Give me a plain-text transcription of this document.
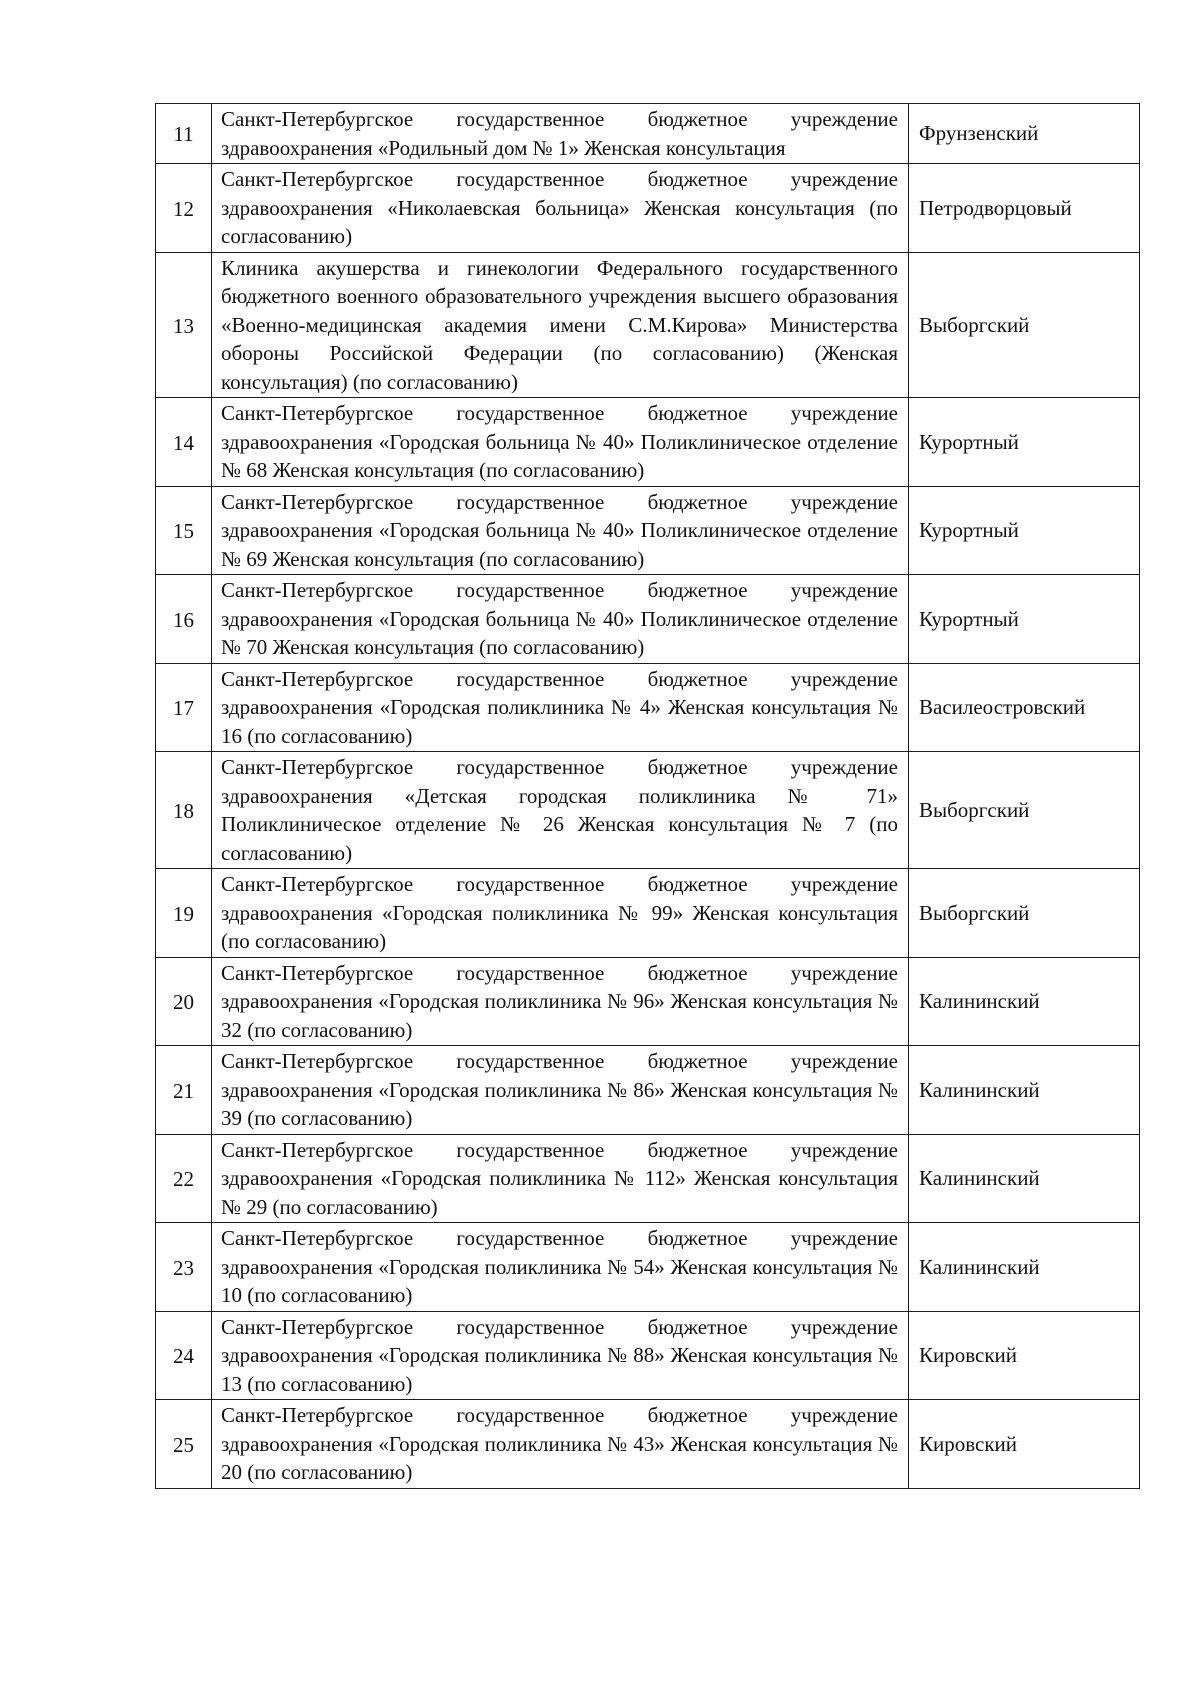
11	Санкт-Петербургское государственное бюджетное учреждение здравоохранения «Родильный дом № 1» Женская консультация	Фрунзенский
12	Санкт-Петербургское государственное бюджетное учреждение здравоохранения «Николаевская больница» Женская консультация (по согласованию)	Петродворцовый
13	Клиника акушерства и гинекологии Федерального государственного бюджетного военного образовательного учреждения высшего образования «Военно-медицинская академия имени С.М.Кирова» Министерства обороны Российской Федерации (по согласованию) (Женская консультация) (по согласованию)	Выборгский
14	Санкт-Петербургское государственное бюджетное учреждение здравоохранения «Городская больница № 40» Поликлиническое отделение № 68 Женская консультация (по согласованию)	Курортный
15	Санкт-Петербургское государственное бюджетное учреждение здравоохранения «Городская больница № 40» Поликлиническое отделение № 69 Женская консультация (по согласованию)	Курортный
16	Санкт-Петербургское государственное бюджетное учреждение здравоохранения «Городская больница № 40» Поликлиническое отделение № 70 Женская консультация (по согласованию)	Курортный
17	Санкт-Петербургское государственное бюджетное учреждение здравоохранения «Городская поликлиника № 4» Женская консультация № 16 (по согласованию)	Василеостровский
18	Санкт-Петербургское государственное бюджетное учреждение здравоохранения «Детская городская поликлиника № 71» Поликлиническое отделение № 26 Женская консультация № 7 (по согласованию)	Выборгский
19	Санкт-Петербургское государственное бюджетное учреждение здравоохранения «Городская поликлиника № 99» Женская консультация (по согласованию)	Выборгский
20	Санкт-Петербургское государственное бюджетное учреждение здравоохранения «Городская поликлиника № 96» Женская консультация № 32 (по согласованию)	Калининский
21	Санкт-Петербургское государственное бюджетное учреждение здравоохранения «Городская поликлиника № 86» Женская консультация № 39 (по согласованию)	Калининский
22	Санкт-Петербургское государственное бюджетное учреждение здравоохранения «Городская поликлиника № 112» Женская консультация № 29 (по согласованию)	Калининский
23	Санкт-Петербургское государственное бюджетное учреждение здравоохранения «Городская поликлиника № 54» Женская консультация № 10 (по согласованию)	Калининский
24	Санкт-Петербургское государственное бюджетное учреждение здравоохранения «Городская поликлиника № 88» Женская консультация № 13 (по согласованию)	Кировский
25	Санкт-Петербургское государственное бюджетное учреждение здравоохранения «Городская поликлиника № 43» Женская консультация № 20 (по согласованию)	Кировский
